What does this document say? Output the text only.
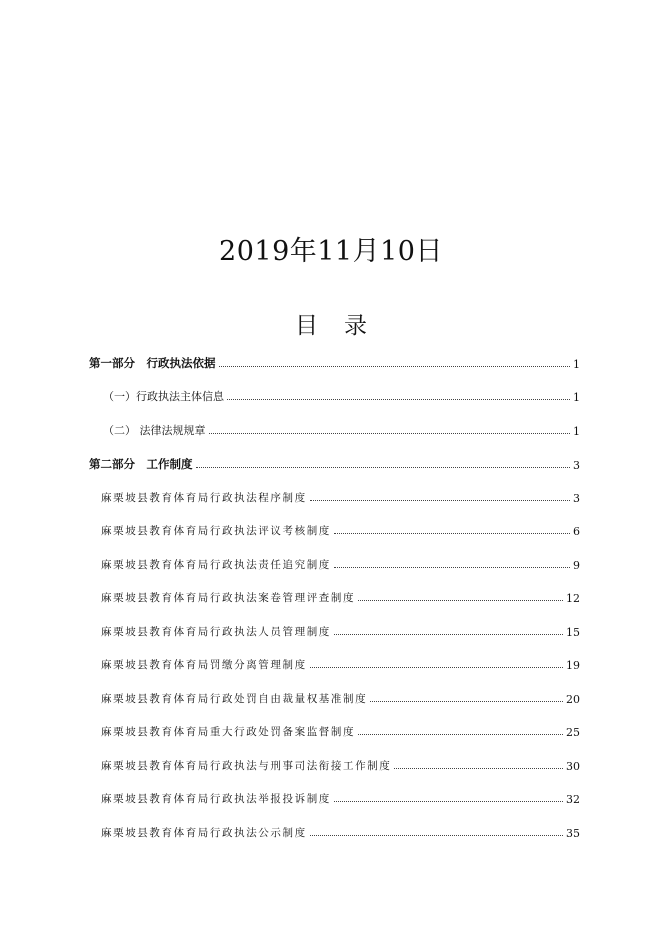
2019年11月10日
目录
第一部分　行政执法依据	1
（一）行政执法主体信息	1
（二） 法律法规规章	1
第二部分　工作制度	3
麻栗坡县教育体育局行政执法程序制度	3
麻栗坡县教育体育局行政执法评议考核制度	6
麻栗坡县教育体育局行政执法责任追究制度	9
麻栗坡县教育体育局行政执法案卷管理评查制度	12
麻栗坡县教育体育局行政执法人员管理制度	15
麻栗坡县教育体育局罚缴分离管理制度	19
麻栗坡县教育体育局行政处罚自由裁量权基准制度	20
麻栗坡县教育体育局重大行政处罚备案监督制度	25
麻栗坡县教育体育局行政执法与刑事司法衔接工作制度	30
麻栗坡县教育体育局行政执法举报投诉制度	32
麻栗坡县教育体育局行政执法公示制度	35
